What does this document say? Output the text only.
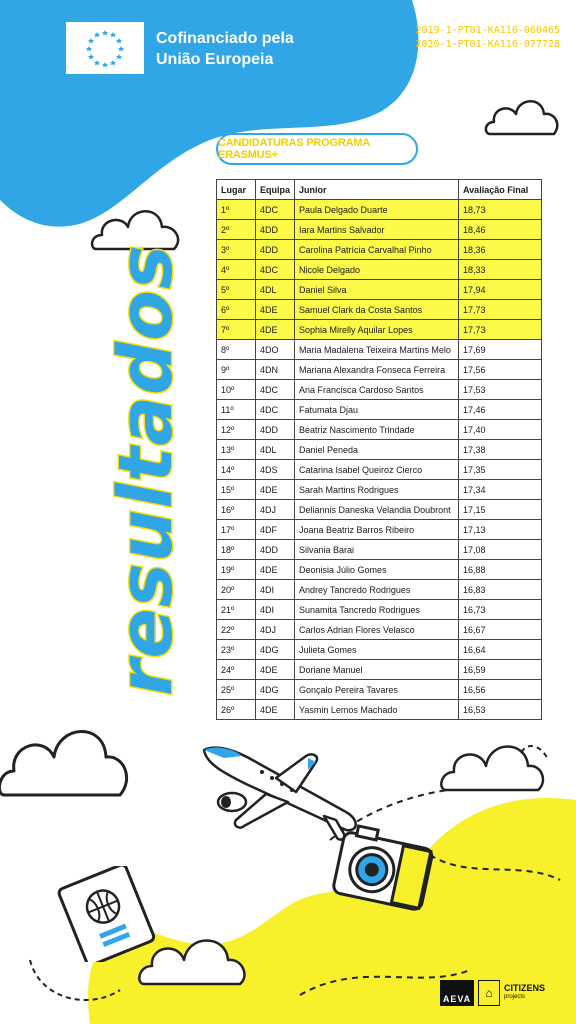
Cofinanciado pela
União Europeia
2019-1-PT01-KA116-060465
2020-1-PT01-KA116-077728
CANDIDATURAS PROGRAMA ERASMUS+
resultados
Lugar	Equipa	Junior	Avaliação Final
1º	4DC	Paula Delgado Duarte	18,73
2º	4DD	Iara Martins Salvador	18,46
3º	4DD	Carolina Patrícia Carvalhal Pinho	18,36
4º	4DC	Nicole Delgado	18,33
5º	4DL	Daniel Silva	17,94
6º	4DE	Samuel Clark da Costa Santos	17,73
7º	4DE	Sophia Mirelly Aquilar Lopes	17,73
8º	4DO	Maria Madalena Teixeira Martins Melo	17,69
9º	4DN	Mariana Alexandra Fonseca Ferreira	17,56
10º	4DC	Ana Francisca Cardoso Santos	17,53
11º	4DC	Fatumata Djau	17,46
12º	4DD	Beatriz Nascimento Trindade	17,40
13º	4DL	Daniel Peneda	17,38
14º	4DS	Catarina Isabel Queiroz Cierco	17,35
15º	4DE	Sarah Martins Rodrigues	17,34
16º	4DJ	Deliannis Daneska Velandia Doubront	17,15
17º	4DF	Joana Beatriz Barros Ribeiro	17,13
18º	4DD	Silvania Barai	17,08
19º	4DE	Deonisia Júlio Gomes	16,88
20º	4DI	Andrey Tancredo Rodrigues	16,83
21º	4DI	Sunamita Tancredo Rodrigues	16,73
22º	4DJ	Carlos Adrian Flores Velasco	16,67
23º	4DG	Julieta Gomes	16,64
24º	4DE	Doriane Manuel	16,59
25º	4DG	Gonçalo Pereira Tavares	16,56
26º	4DE	Yasmin Lemos Machado	16,53
AEVA	⌂	CITIZENS
projects
